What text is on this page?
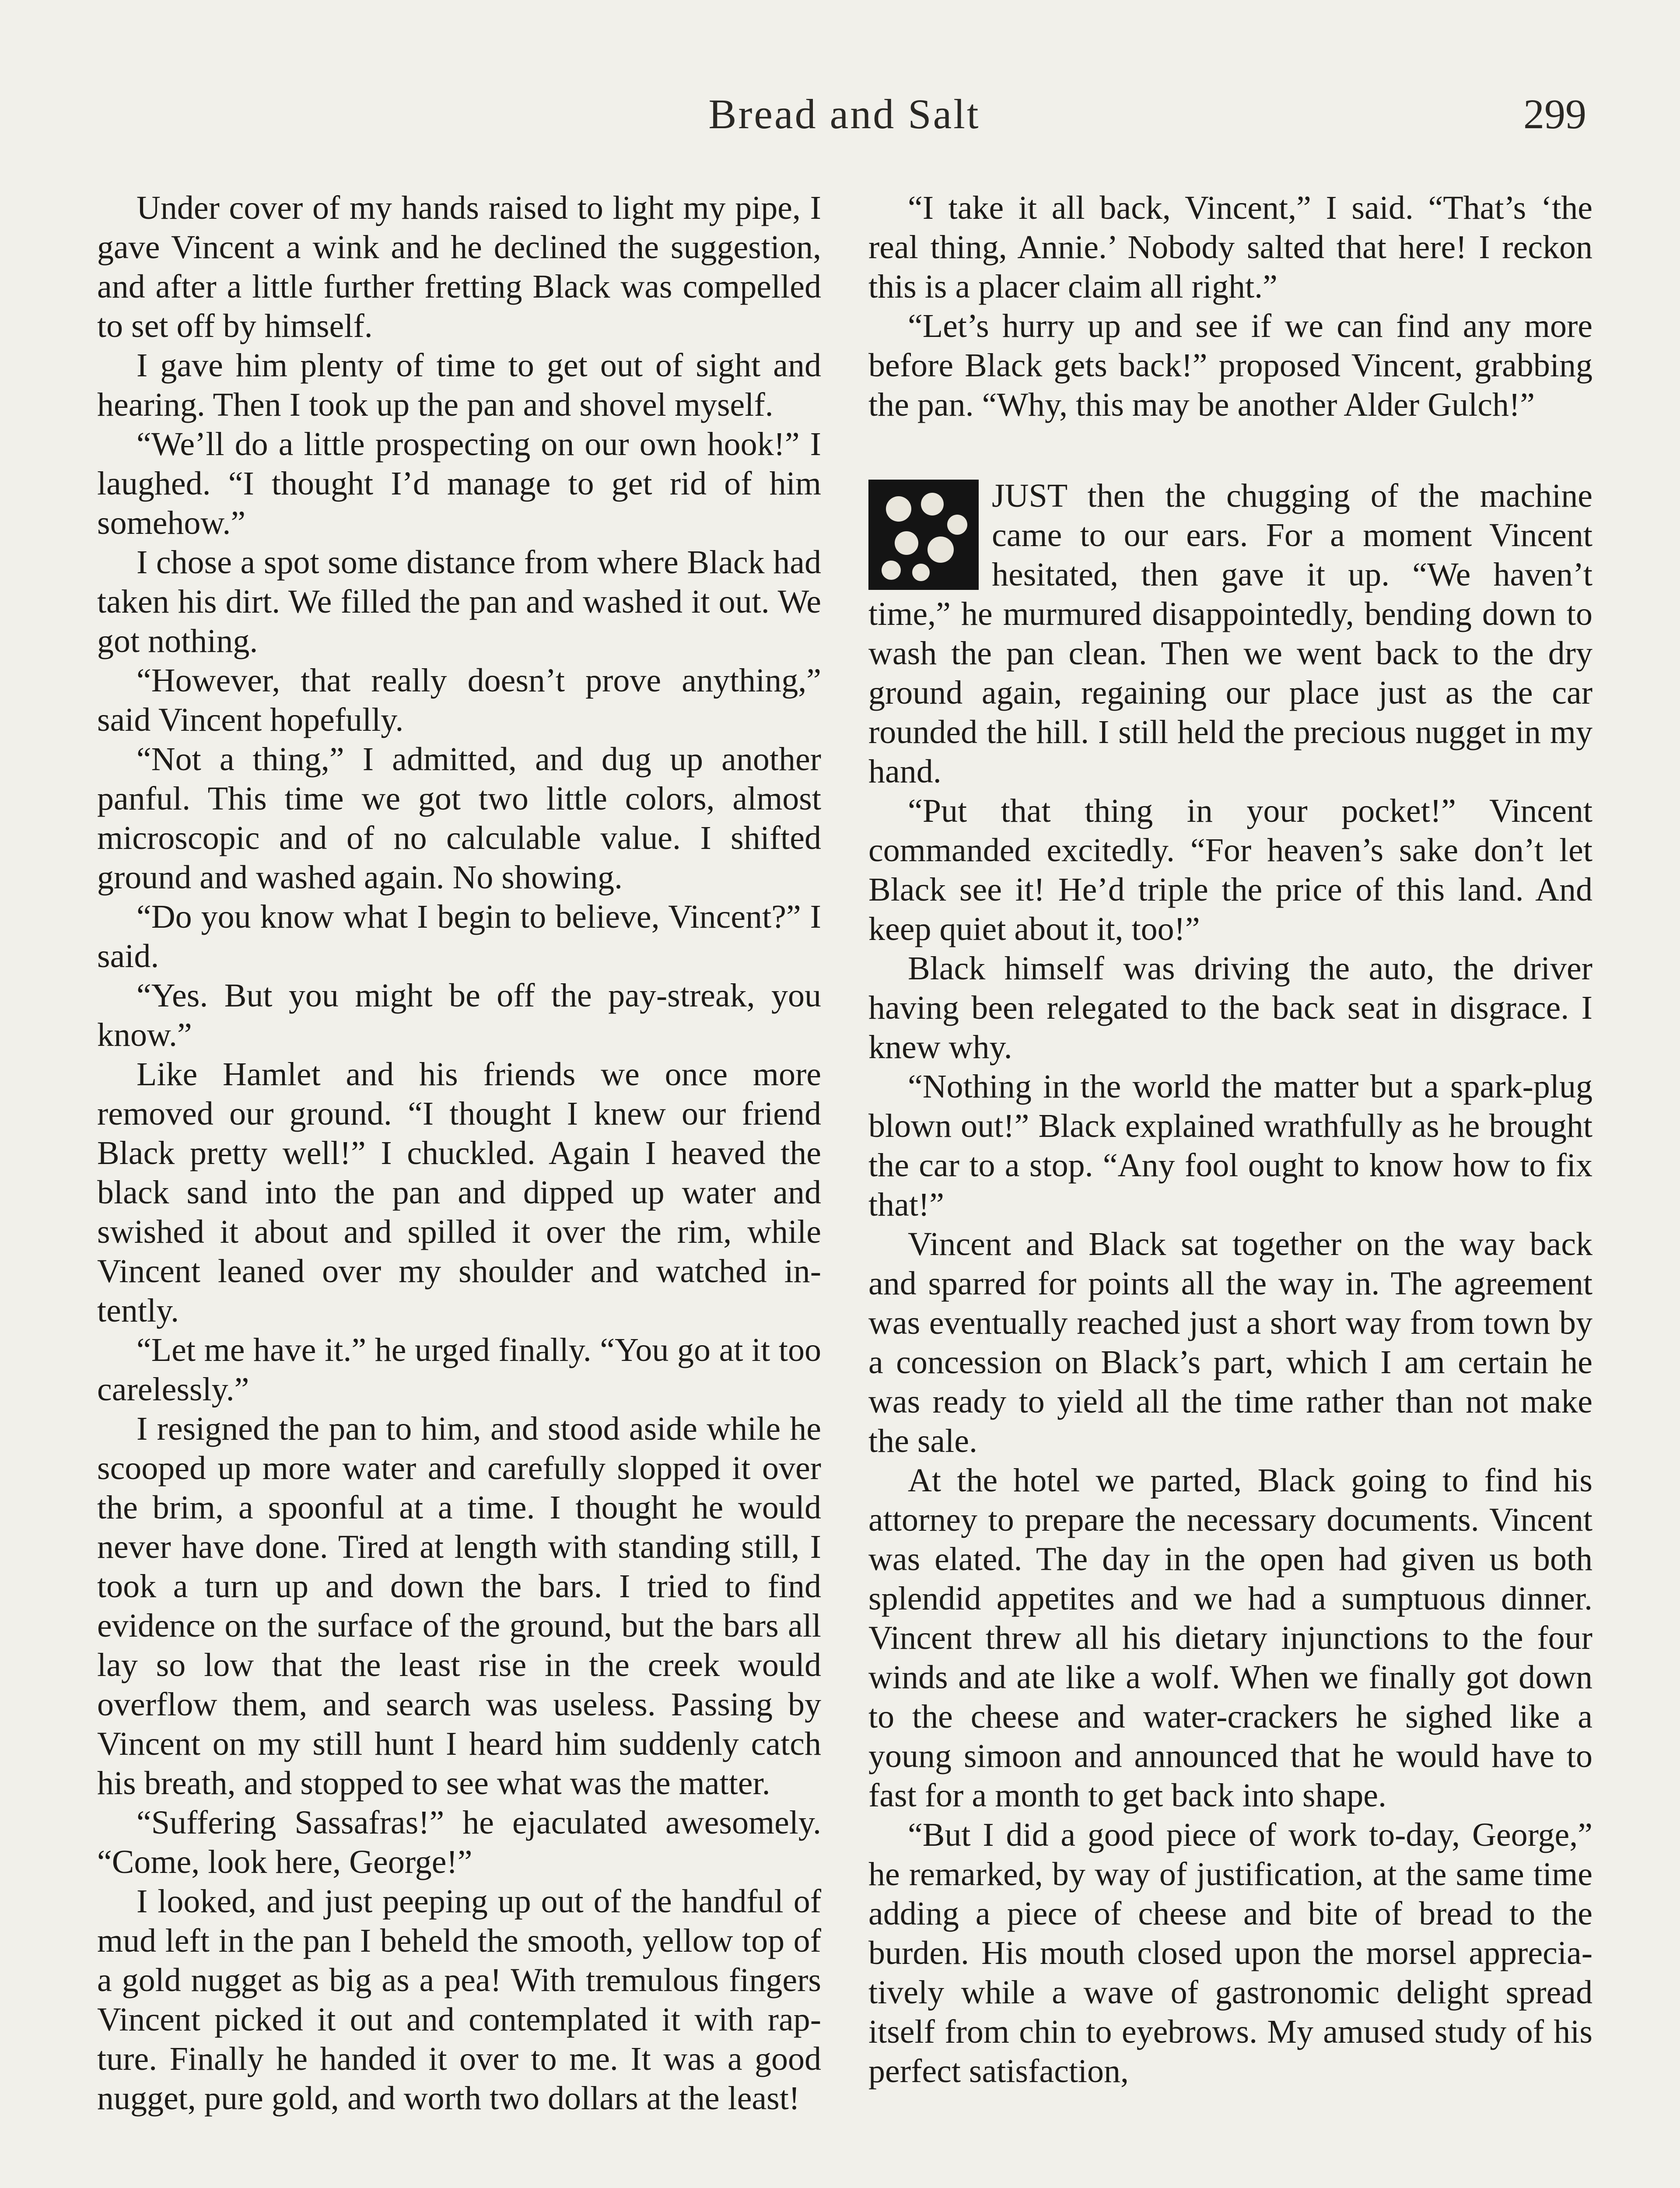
Bread and Salt	299

Under cover of my hands raised to light my pipe, I gave Vincent a wink and he declined the suggestion, and after a little further fretting Black was compelled to set off by himself.

I gave him plenty of time to get out of sight and hearing. Then I took up the pan and shovel myself.

“We’ll do a little prospecting on our own hook!” I laughed. “I thought I’d manage to get rid of him somehow.”

I chose a spot some distance from where Black had taken his dirt. We filled the pan and washed it out. We got nothing.

“However, that really doesn’t prove anything,” said Vincent hopefully.

“Not a thing,” I admitted, and dug up another panful. This time we got two little colors, almost microscopic and of no calculable value. I shifted ground and washed again. No showing.

“Do you know what I begin to believe, Vincent?” I said.

“Yes. But you might be off the pay-streak, you know.”

Like Hamlet and his friends we once more removed our ground. “I thought I knew our friend Black pretty well!” I chuckled. Again I heaved the black sand into the pan and dipped up water and swished it about and spilled it over the rim, while Vincent leaned over my shoulder and watched intently.

“Let me have it.” he urged finally. “You go at it too carelessly.”

I resigned the pan to him, and stood aside while he scooped up more water and carefully slopped it over the brim, a spoonful at a time. I thought he would never have done. Tired at length with standing still, I took a turn up and down the bars. I tried to find evidence on the surface of the ground, but the bars all lay so low that the least rise in the creek would overflow them, and search was useless. Passing by Vincent on my still hunt I heard him suddenly catch his breath, and stopped to see what was the matter.

“Suffering Sassafras!” he ejaculated awesomely. “Come, look here, George!”

I looked, and just peeping up out of the handful of mud left in the pan I beheld the smooth, yellow top of a gold nugget as big as a pea! With tremulous fingers Vincent picked it out and contemplated it with rapture. Finally he handed it over to me. It was a good nugget, pure gold, and worth two dollars at the least!

“I take it all back, Vincent,” I said. “That’s ‘the real thing, Annie.’ Nobody salted that here! I reckon this is a placer claim all right.”

“Let’s hurry up and see if we can find any more before Black gets back!” proposed Vincent, grabbing the pan. “Why, this may be another Alder Gulch!”

JUST then the chugging of the machine came to our ears. For a moment Vincent hesitated, then gave it up. “We haven’t time,” he murmured disappointedly, bending down to wash the pan clean. Then we went back to the dry ground again, regaining our place just as the car rounded the hill. I still held the precious nugget in my hand.

“Put that thing in your pocket!” Vincent commanded excitedly. “For heaven’s sake don’t let Black see it! He’d triple the price of this land. And keep quiet about it, too!”

Black himself was driving the auto, the driver having been relegated to the back seat in disgrace. I knew why.

“Nothing in the world the matter but a spark-plug blown out!” Black explained wrathfully as he brought the car to a stop. “Any fool ought to know how to fix that!”

Vincent and Black sat together on the way back and sparred for points all the way in. The agreement was eventually reached just a short way from town by a concession on Black’s part, which I am certain he was ready to yield all the time rather than not make the sale.

At the hotel we parted, Black going to find his attorney to prepare the necessary documents. Vincent was elated. The day in the open had given us both splendid appetites and we had a sumptuous dinner. Vincent threw all his dietary injunctions to the four winds and ate like a wolf. When we finally got down to the cheese and water-crackers he sighed like a young simoon and announced that he would have to fast for a month to get back into shape.

“But I did a good piece of work to-day, George,” he remarked, by way of justification, at the same time adding a piece of cheese and bite of bread to the burden. His mouth closed upon the morsel appreciatively while a wave of gastronomic delight spread itself from chin to eyebrows. My amused study of his perfect satisfaction,
